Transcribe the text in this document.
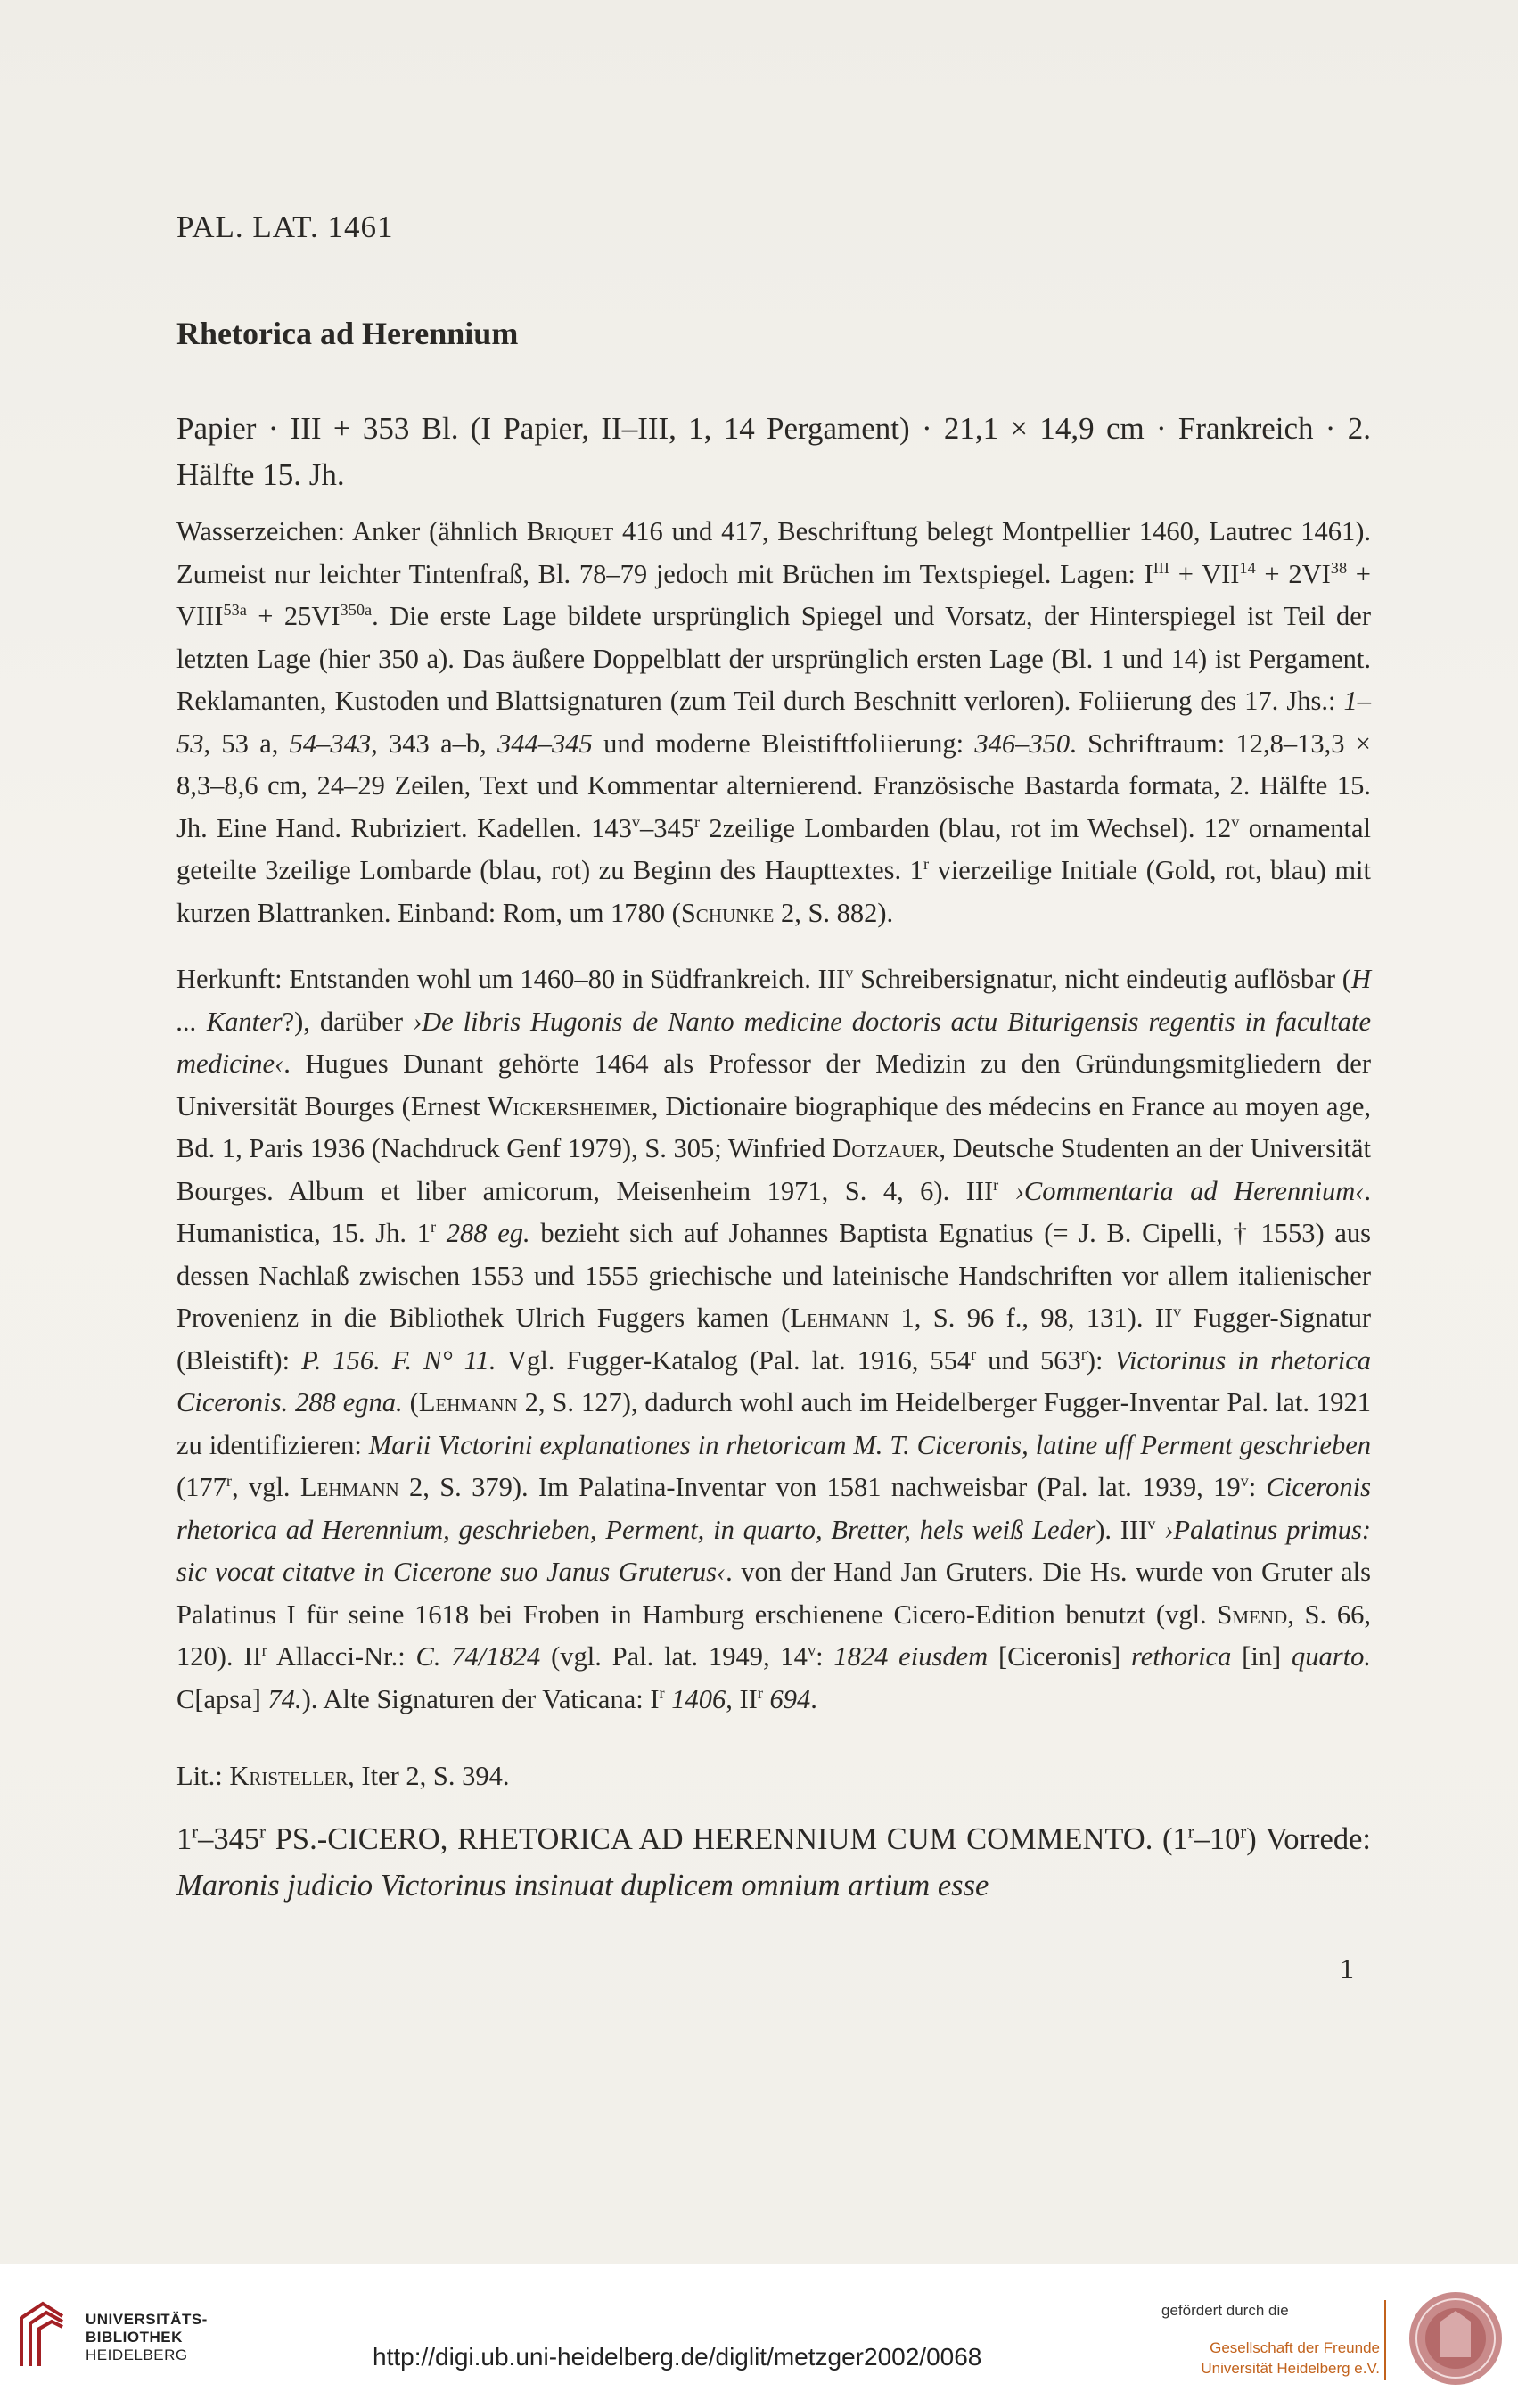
PAL. LAT. 1461
Rhetorica ad Herennium
Papier · III + 353 Bl. (I Papier, II–III, 1, 14 Pergament) · 21,1 × 14,9 cm · Frankreich · 2. Hälfte 15. Jh.
Wasserzeichen: Anker (ähnlich Briquet 416 und 417, Beschriftung belegt Montpellier 1460, Lautrec 1461). Zumeist nur leichter Tintenfraß, Bl. 78–79 jedoch mit Brüchen im Textspiegel. Lagen: $I^{III} + VII^{14} + 2VI^{38}$ + $VIII^{53a} + 25VI^{350a}$. Die erste Lage bildete ursprünglich Spiegel und Vorsatz, der Hinterspiegel ist Teil der letzten Lage (hier 350 a). Das äußere Doppelblatt der ursprünglich ersten Lage (Bl. 1 und 14) ist Pergament. Reklamanten, Kustoden und Blattsignaturen (zum Teil durch Beschnitt verloren). Foliierung des 17. Jhs.: 1–53, 53 a, 54–343, 343 a–b, 344–345 und moderne Bleistiftfoliierung: 346–350. Schriftraum: 12,8–13,3 × 8,3–8,6 cm, 24–29 Zeilen, Text und Kommentar alternierend. Französische Bastarda formata, 2. Hälfte 15. Jh. Eine Hand. Rubriziert. Kadellen. 143$^v$–345$^r$ 2zeilige Lombarden (blau, rot im Wechsel). 12$^v$ ornamental geteilte 3zeilige Lombarde (blau, rot) zu Beginn des Haupttextes. 1$^r$ vierzeilige Initiale (Gold, rot, blau) mit kurzen Blattranken. Einband: Rom, um 1780 (Schunke 2, S. 882).
Herkunft: Entstanden wohl um 1460–80 in Südfrankreich. III$^v$ Schreibersignatur, nicht eindeutig auflösbar (H ... Kanter?), darüber ›De libris Hugonis de Nanto medicine doctoris actu Biturigensis regentis in facultate medicine‹. Hugues Dunant gehörte 1464 als Professor der Medizin zu den Gründungsmitgliedern der Universität Bourges (Ernest Wickersheimer, Dictionaire biographique des médecins en France au moyen age, Bd. 1, Paris 1936 (Nachdruck Genf 1979), S. 305; Winfried Dotzauer, Deutsche Studenten an der Universität Bourges. Album et liber amicorum, Meisenheim 1971, S. 4, 6). III$^r$ ›Commentaria ad Herennium‹. Humanistica, 15. Jh. 1$^r$ 288 eg. bezieht sich auf Johannes Baptista Egnatius (= J. B. Cipelli, † 1553) aus dessen Nachlaß zwischen 1553 und 1555 griechische und lateinische Handschriften vor allem italienischer Provenienz in die Bibliothek Ulrich Fuggers kamen (Lehmann 1, S. 96 f., 98, 131). $II^v$ Fugger-Signatur (Bleistift): P. 156. F. N° 11. Vgl. Fugger-Katalog (Pal. lat. 1916, 554$^r$ und 563$^r$): Victorinus in rhetorica Ciceronis. 288 egna. (Lehmann 2, S. 127), dadurch wohl auch im Heidelberger Fugger-Inventar Pal. lat. 1921 zu identifizieren: Marii Victorini explanationes in rhetoricam M. T. Ciceronis, latine uff Perment geschrieben (177$^r$, vgl. Lehmann 2, S. 379). Im Palatina-Inventar von 1581 nachweisbar (Pal. lat. 1939, 19$^v$: Ciceronis rhetorica ad Herennium, geschrieben, Perment, in quarto, Bretter, hels weiß Leder). III$^v$ ›Palatinus primus: sic vocat citatve in Cicerone suo Janus Gruterus‹. von der Hand Jan Gruters. Die Hs. wurde von Gruter als Palatinus I für seine 1618 bei Froben in Hamburg erschienene Cicero-Edition benutzt (vgl. Smend, S. 66, 120). $II^r$ Allacci-Nr.: C. 74/1824 (vgl. Pal. lat. 1949, 14$^v$: 1824 eiusdem [Ciceronis] rethorica [in] quarto. C[apsa] 74.). Alte Signaturen der Vaticana: $I^r$ 1406, $II^r$ 694.
Lit.: Kristeller, Iter 2, S. 394.
1$^r$–345$^r$ PS.-CICERO, RHETORICA AD HERENNIUM CUM COMMENTO. (1$^r$–10$^r$) Vorrede: Maronis judicio Victorinus insinuat duplicem omnium artium esse
1
UNIVERSITÄTS-
BIBLIOTHEK
HEIDELBERG	http://digi.ub.uni-heidelberg.de/diglit/metzger2002/0068
gefördert durch die
Gesellschaft der Freunde
Universität Heidelberg e.V.
